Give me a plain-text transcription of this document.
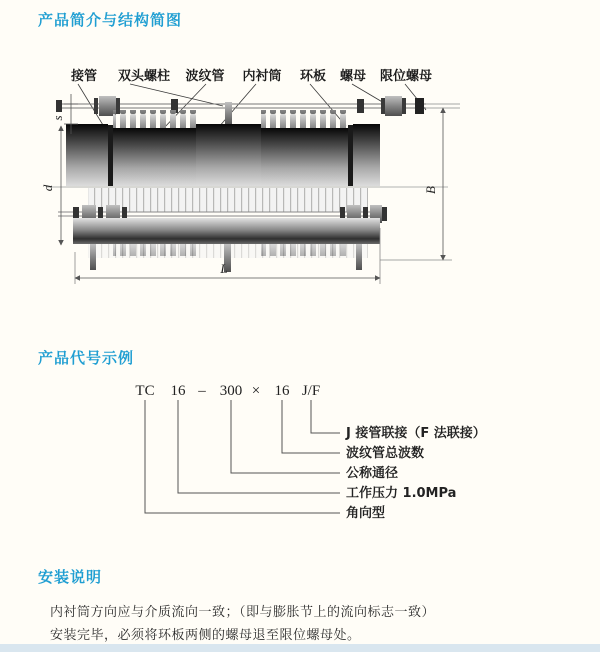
产品简介与结构简图
接管 双头螺柱 波纹管 内衬筒 环板 螺母 限位螺母
s
d	B
L
产品代号示例
TC 16 – 300 × 16 J/F
J 接管联接（F 法联接）
波纹管总波数
公称通径
工作压力 1.0MPa
角向型
安装说明
内衬筒方向应与介质流向一致；（即与膨胀节上的流向标志一致）
安装完毕，必须将环板两侧的螺母退至限位螺母处。
